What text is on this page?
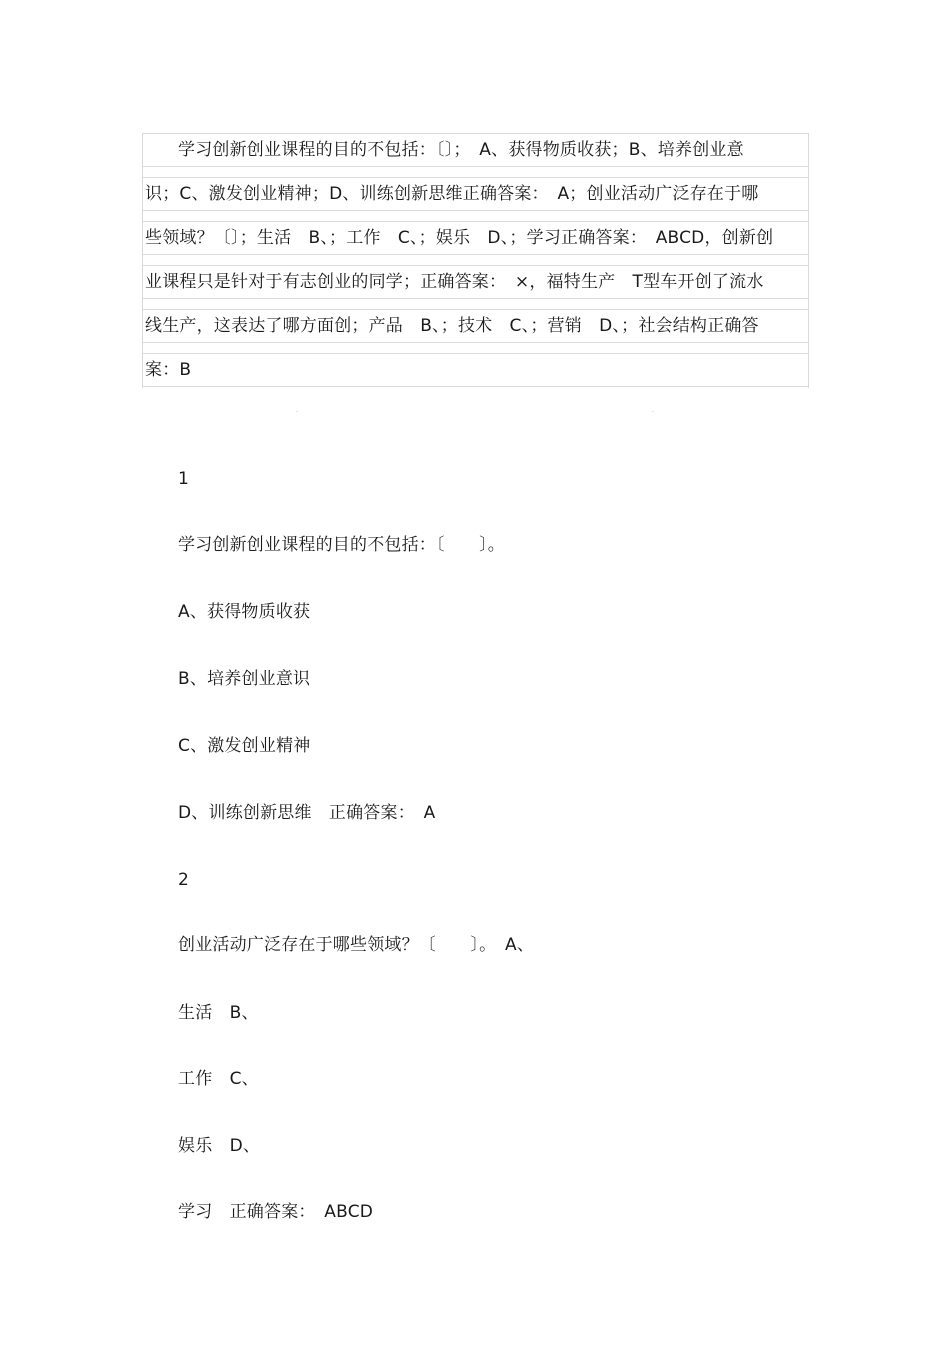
学习创新创业课程的目的不包括：〔〕；　A、获得物质收获；B、培养创业意
识；C、激发创业精神；D、训练创新思维正确答案：　A；创业活动广泛存在于哪
些领域？〔〕；生活　B、；工作　C、；娱乐　D、；学习正确答案：　ABCD，创新创
业课程只是针对于有志创业的同学；正确答案：　×，福特生产　T型车开创了流水
线生产，这表达了哪方面创；产品　B、；技术　C、；营销　D、；社会结构正确答
案：B
1
学习创新创业课程的目的不包括：〔　　〕。
A、获得物质收获
B、培养创业意识
C、激发创业精神
D、训练创新思维　正确答案：　A
2
创业活动广泛存在于哪些领域？〔　　〕。　A、
生活　B、
工作　C、
娱乐　D、
学习　正确答案：　ABCD
